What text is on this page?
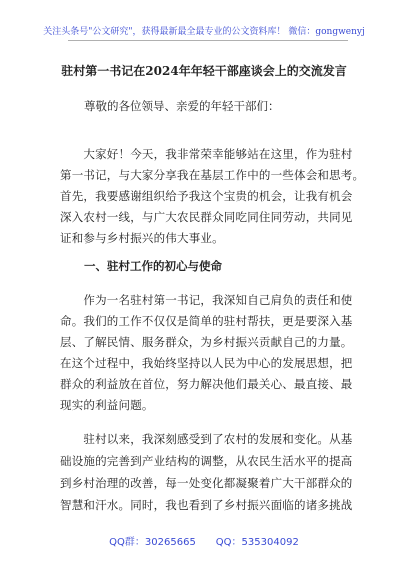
关注头条号"公文研究"，获得最新最全最专业的公文资料库！ 微信：gongwenyj
驻村第一书记在2024年年轻干部座谈会上的交流发言
尊敬的各位领导、亲爱的年轻干部们：
　　大家好！今天，我非常荣幸能够站在这里，作为驻村
第一书记，与大家分享我在基层工作中的一些体会和思考。
首先，我要感谢组织给予我这个宝贵的机会，让我有机会
深入农村一线，与广大农民群众同吃同住同劳动，共同见
证和参与乡村振兴的伟大事业。
一、驻村工作的初心与使命
　　作为一名驻村第一书记，我深知自己肩负的责任和使
命。我们的工作不仅仅是简单的驻村帮扶，更是要深入基
层、了解民情、服务群众，为乡村振兴贡献自己的力量。
在这个过程中，我始终坚持以人民为中心的发展思想，把
群众的利益放在首位，努力解决他们最关心、最直接、最
现实的利益问题。
　　驻村以来，我深刻感受到了农村的发展和变化。从基
础设施的完善到产业结构的调整，从农民生活水平的提高
到乡村治理的改善，每一处变化都凝聚着广大干部群众的
智慧和汗水。同时，我也看到了乡村振兴面临的诸多挑战
QQ群：30265665　　QQ：535304092
